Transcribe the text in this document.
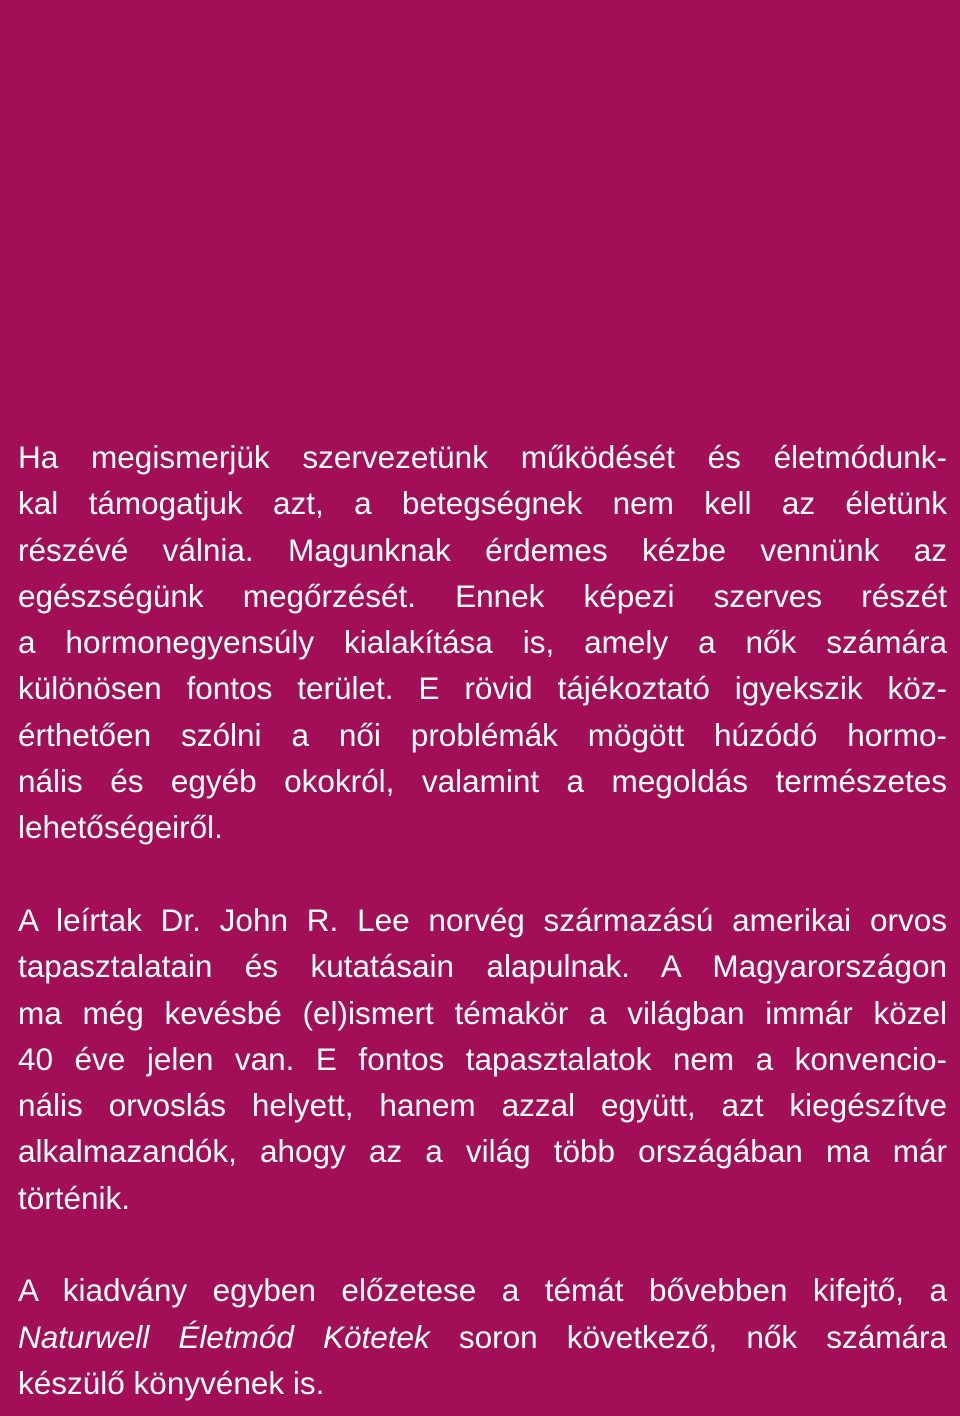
Ha megismerjük szervezetünk működését és életmódunk-
kal támogatjuk azt, a betegségnek nem kell az életünk
részévé válnia. Magunknak érdemes kézbe vennünk az
egészségünk megőrzését. Ennek képezi szerves részét
a hormonegyensúly kialakítása is, amely a nők számára
különösen fontos terület. E rövid tájékoztató igyekszik köz-
érthetően szólni a női problémák mögött húzódó hormo-
nális és egyéb okokról, valamint a megoldás természetes
lehetőségeiről.
A leírtak Dr. John R. Lee norvég származású amerikai orvos
tapasztalatain és kutatásain alapulnak. A Magyarországon
ma még kevésbé (el)ismert témakör a világban immár közel
40 éve jelen van. E fontos tapasztalatok nem a konvencio-
nális orvoslás helyett, hanem azzal együtt, azt kiegészítve
alkalmazandók, ahogy az a világ több országában ma már
történik.
A kiadvány egyben előzetese a témát bővebben kifejtő, a
Naturwell Életmód Kötetek soron következő, nők számára
készülő könyvének is.
